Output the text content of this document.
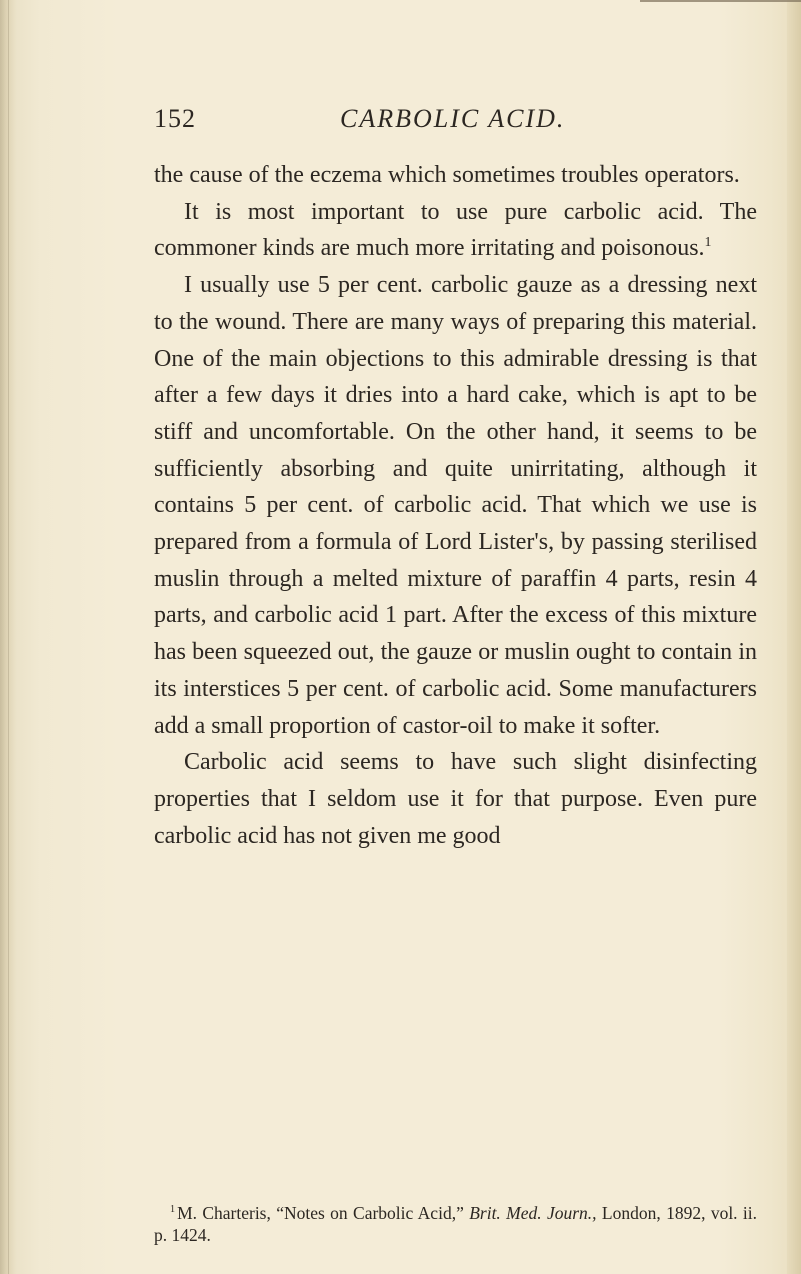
152	CARBOLIC ACID.

the cause of the eczema which sometimes troubles operators.

It is most important to use pure carbolic acid. The commoner kinds are much more irritating and poisonous.$^1$

I usually use 5 per cent. carbolic gauze as a dressing next to the wound. There are many ways of preparing this material. One of the main objections to this admirable dressing is that after a few days it dries into a hard cake, which is apt to be stiff and uncomfortable. On the other hand, it seems to be sufficiently absorbing and quite unirritating, although it contains 5 per cent. of carbolic acid. That which we use is prepared from a formula of Lord Lister's, by passing sterilised muslin through a melted mixture of paraffin 4 parts, resin 4 parts, and carbolic acid 1 part. After the excess of this mixture has been squeezed out, the gauze or muslin ought to contain in its interstices 5 per cent. of carbolic acid. Some manufacturers add a small proportion of castor-oil to make it softer.

Carbolic acid seems to have such slight disinfecting properties that I seldom use it for that purpose. Even pure carbolic acid has not given me good

$^1$ M. Charteris, “Notes on Carbolic Acid,” Brit. Med. Journ., London, 1892, vol. ii. p. 1424.
